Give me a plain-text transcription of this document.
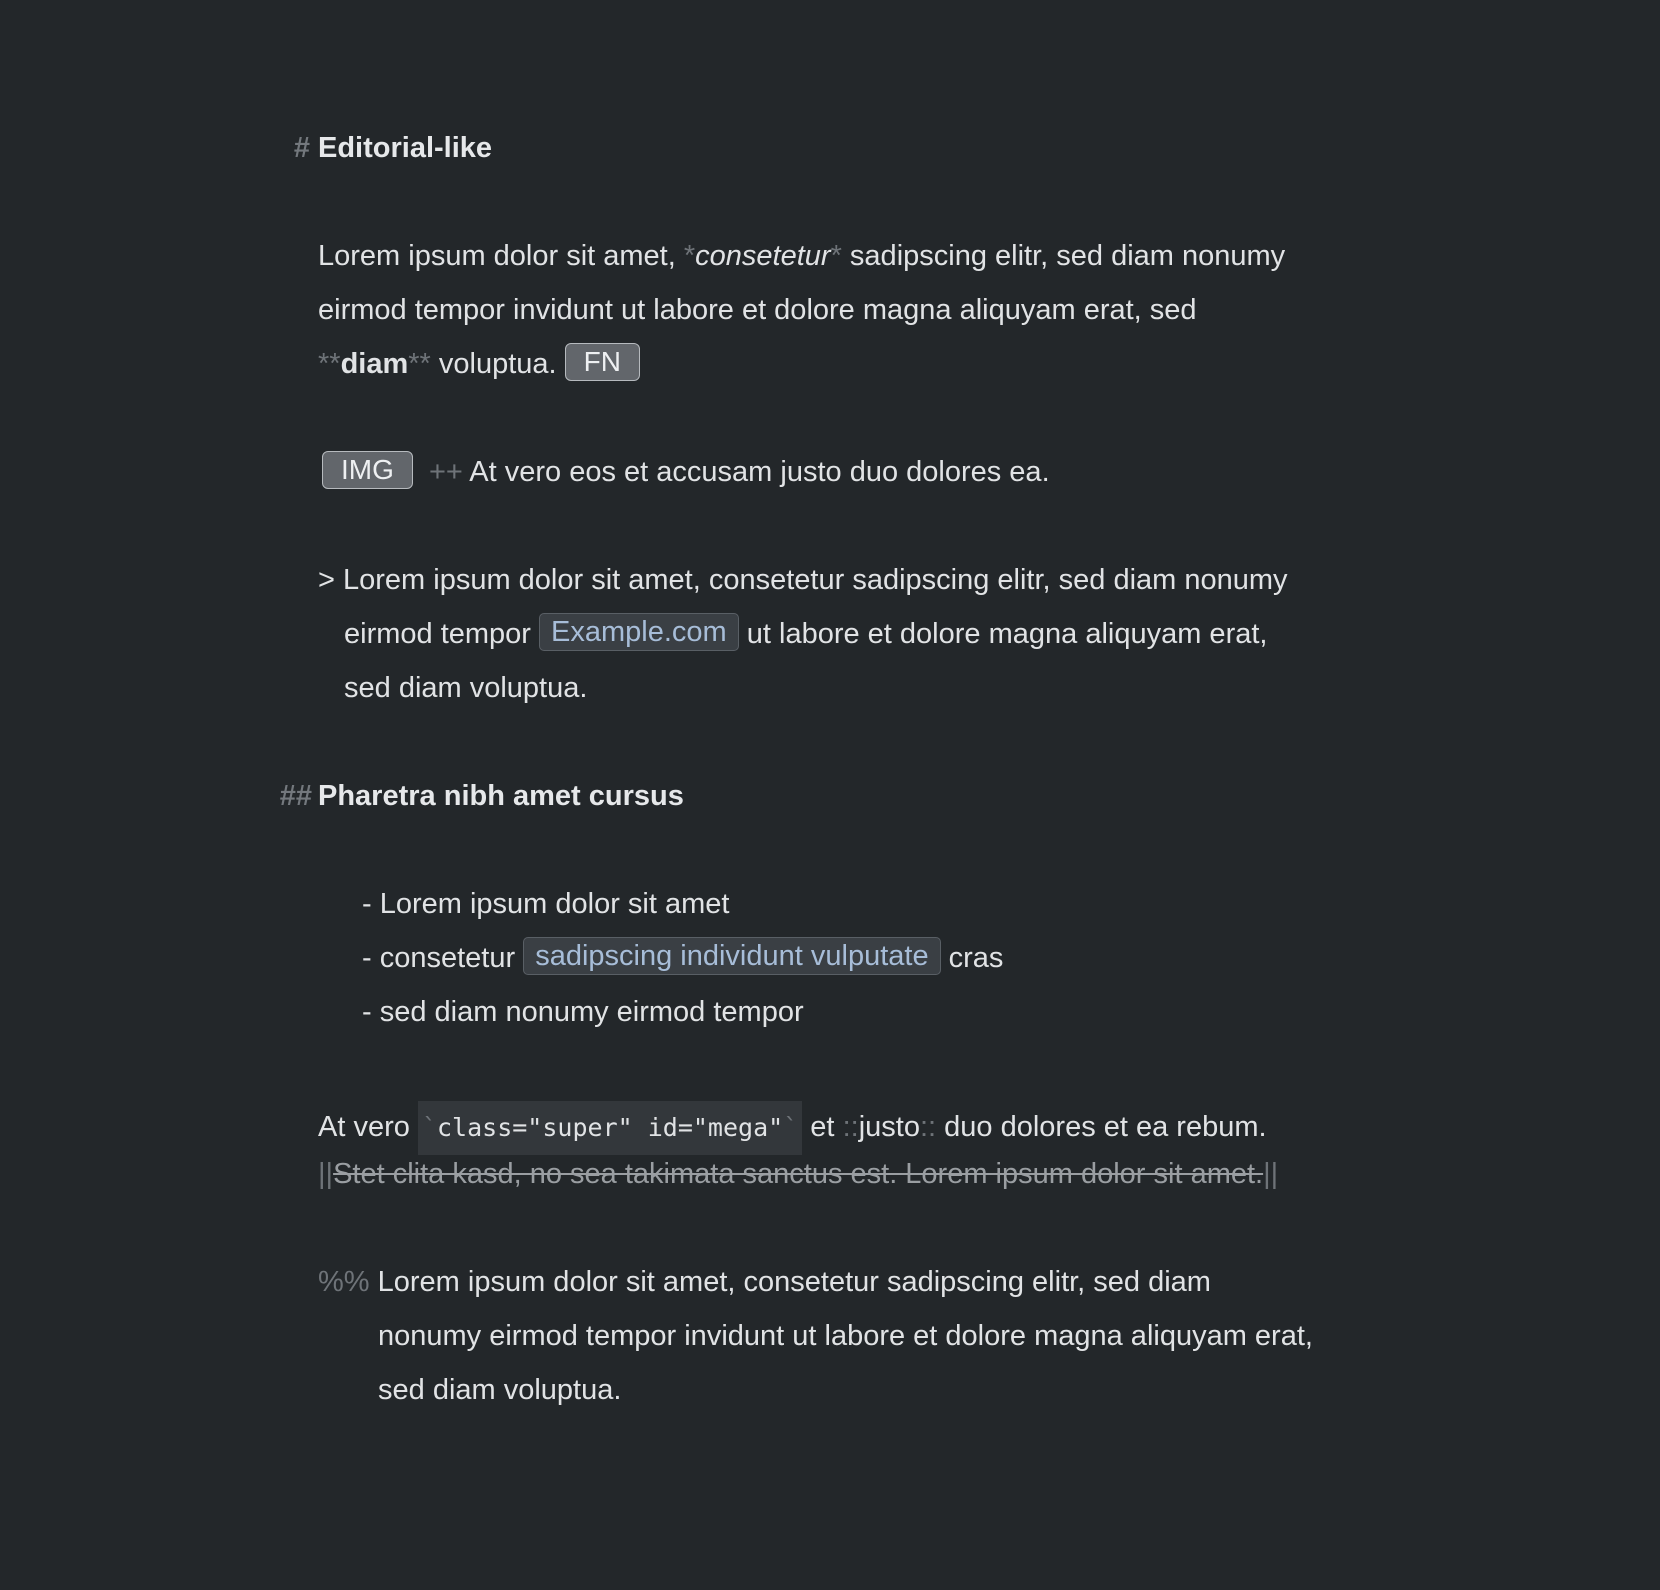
# Editorial-like
Lorem ipsum dolor sit amet, *consetetur* sadipscing elitr, sed diam nonumy
eirmod tempor invidunt ut labore et dolore magna aliquyam erat, sed
**diam** voluptua. FN
IMG ++ At vero eos et accusam justo duo dolores ea.
> Lorem ipsum dolor sit amet, consetetur sadipscing elitr, sed diam nonumy
eirmod tempor Example.com ut labore et dolore magna aliquyam erat,
sed diam voluptua.
## Pharetra nibh amet cursus
- Lorem ipsum dolor sit amet
- consetetur sadipscing individunt vulputate cras
- sed diam nonumy eirmod tempor
At vero `class="super" id="mega"` et ::justo:: duo dolores et ea rebum.
||Stet clita kasd, no sea takimata sanctus est. Lorem ipsum dolor sit amet.||
%% Lorem ipsum dolor sit amet, consetetur sadipscing elitr, sed diam
nonumy eirmod tempor invidunt ut labore et dolore magna aliquyam erat,
sed diam voluptua.
